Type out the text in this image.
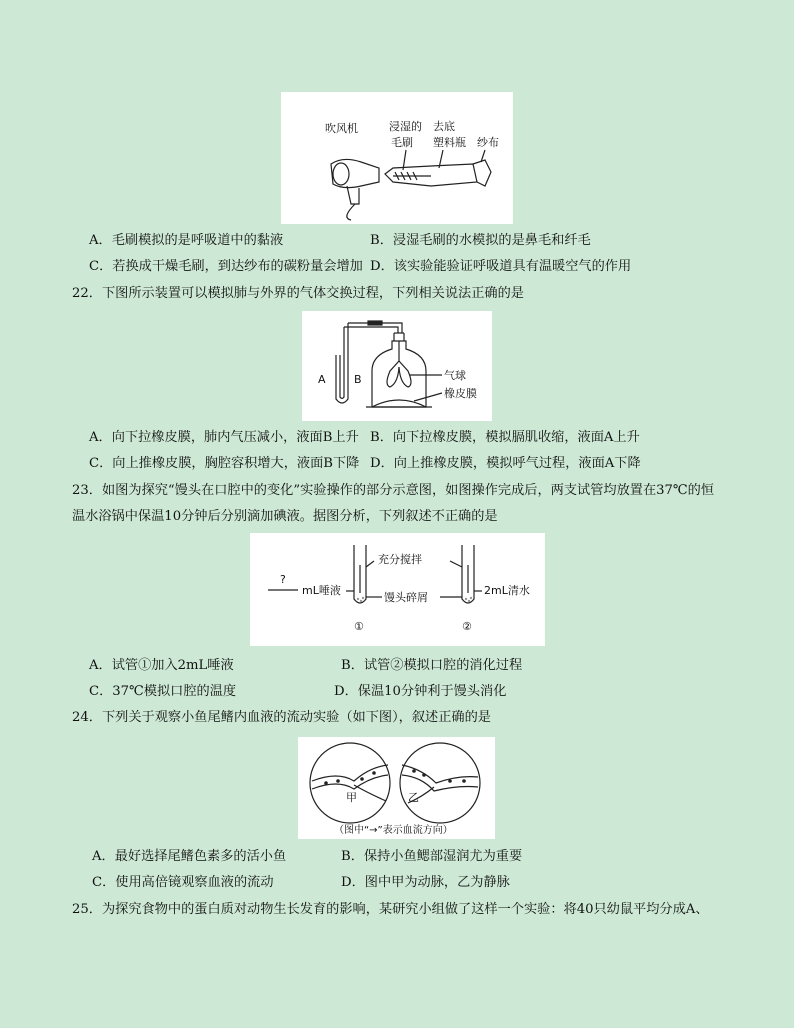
吹风机	浸湿的
毛刷
去底
塑料瓶 纱布
A．毛刷模拟的是呼吸道中的黏液	B．浸湿毛刷的水模拟的是鼻毛和纤毛
C．若换成干燥毛刷，到达纱布的碳粉量会增加 D．该实验能验证呼吸道具有温暖空气的作用
22．下图所示装置可以模拟肺与外界的气体交换过程，下列相关说法正确的是
A	B	气球
橡皮膜
A．向下拉橡皮膜，肺内气压减小，液面B上升 B．向下拉橡皮膜，模拟膈肌收缩，液面A上升
C．向上推橡皮膜，胸腔容积增大，液面B下降 D．向上推橡皮膜，模拟呼气过程，液面A下降
23．如图为探究“馒头在口腔中的变化”实验操作的部分示意图，如图操作完成后，两支试管均放置在37℃的恒
温水浴锅中保温10分钟后分别滴加碘液。据图分析，下列叙述不正确的是
?
mL唾液
充分搅拌
馒头碎屑
2mL清水
①	②
A．试管①加入2mL唾液	B．试管②模拟口腔的消化过程
C．37℃模拟口腔的温度	D．保温10分钟利于馒头消化
24．下列关于观察小鱼尾鳍内血液的流动实验（如下图），叙述正确的是
甲	乙
（图中“→”表示血流方向）
A．最好选择尾鳍色素多的活小鱼	B．保持小鱼鳃部湿润尤为重要
C．使用高倍镜观察血液的流动	D．图中甲为动脉，乙为静脉
25．为探究食物中的蛋白质对动物生长发育的影响，某研究小组做了这样一个实验：将40只幼鼠平均分成A、
